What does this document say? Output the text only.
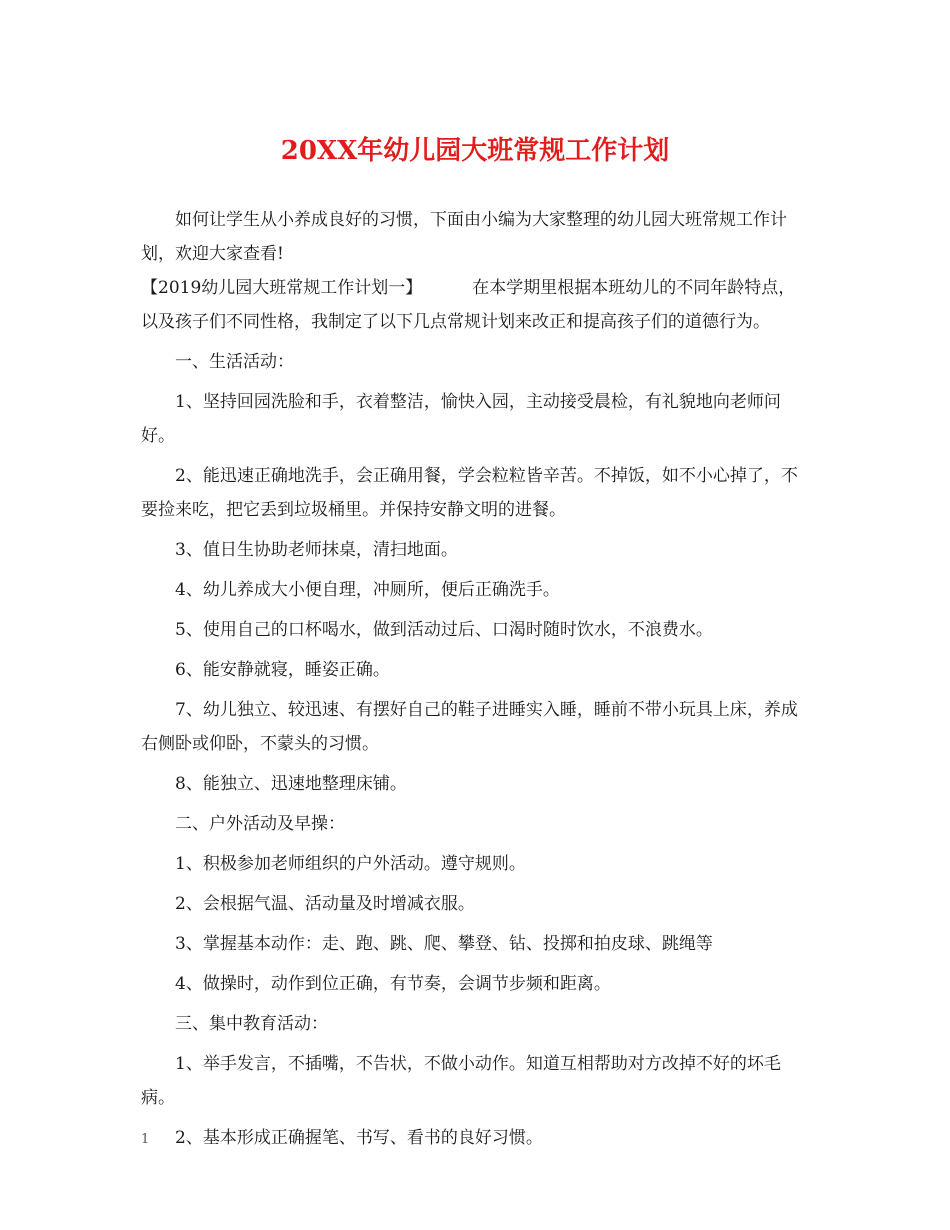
20XX年幼儿园大班常规工作计划

如何让学生从小养成良好的习惯，下面由小编为大家整理的幼儿园大班常规工作计划，欢迎大家查看!

【2019幼儿园大班常规工作计划一】	在本学期里根据本班幼儿的不同年龄特点，以及孩子们不同性格，我制定了以下几点常规计划来改正和提高孩子们的道德行为。

一、生活活动：

1、坚持回园洗脸和手，衣着整洁，愉快入园，主动接受晨检，有礼貌地向老师问好。

2、能迅速正确地洗手，会正确用餐，学会粒粒皆辛苦。不掉饭，如不小心掉了，不要捡来吃，把它丢到垃圾桶里。并保持安静文明的进餐。

3、值日生协助老师抹桌，清扫地面。

4、幼儿养成大小便自理，冲厕所，便后正确洗手。

5、使用自己的口杯喝水，做到活动过后、口渴时随时饮水，不浪费水。

6、能安静就寝，睡姿正确。

7、幼儿独立、较迅速、有摆好自己的鞋子进睡实入睡，睡前不带小玩具上床，养成右侧卧或仰卧，不蒙头的习惯。

8、能独立、迅速地整理床铺。

二、户外活动及早操：

1、积极参加老师组织的户外活动。遵守规则。

2、会根据气温、活动量及时增减衣服。

3、掌握基本动作：走、跑、跳、爬、攀登、钻、投掷和拍皮球、跳绳等

4、做操时，动作到位正确，有节奏，会调节步频和距离。

三、集中教育活动：

1、举手发言，不插嘴，不告状，不做小动作。知道互相帮助对方改掉不好的坏毛病。

2、基本形成正确握笔、书写、看书的良好习惯。

1
